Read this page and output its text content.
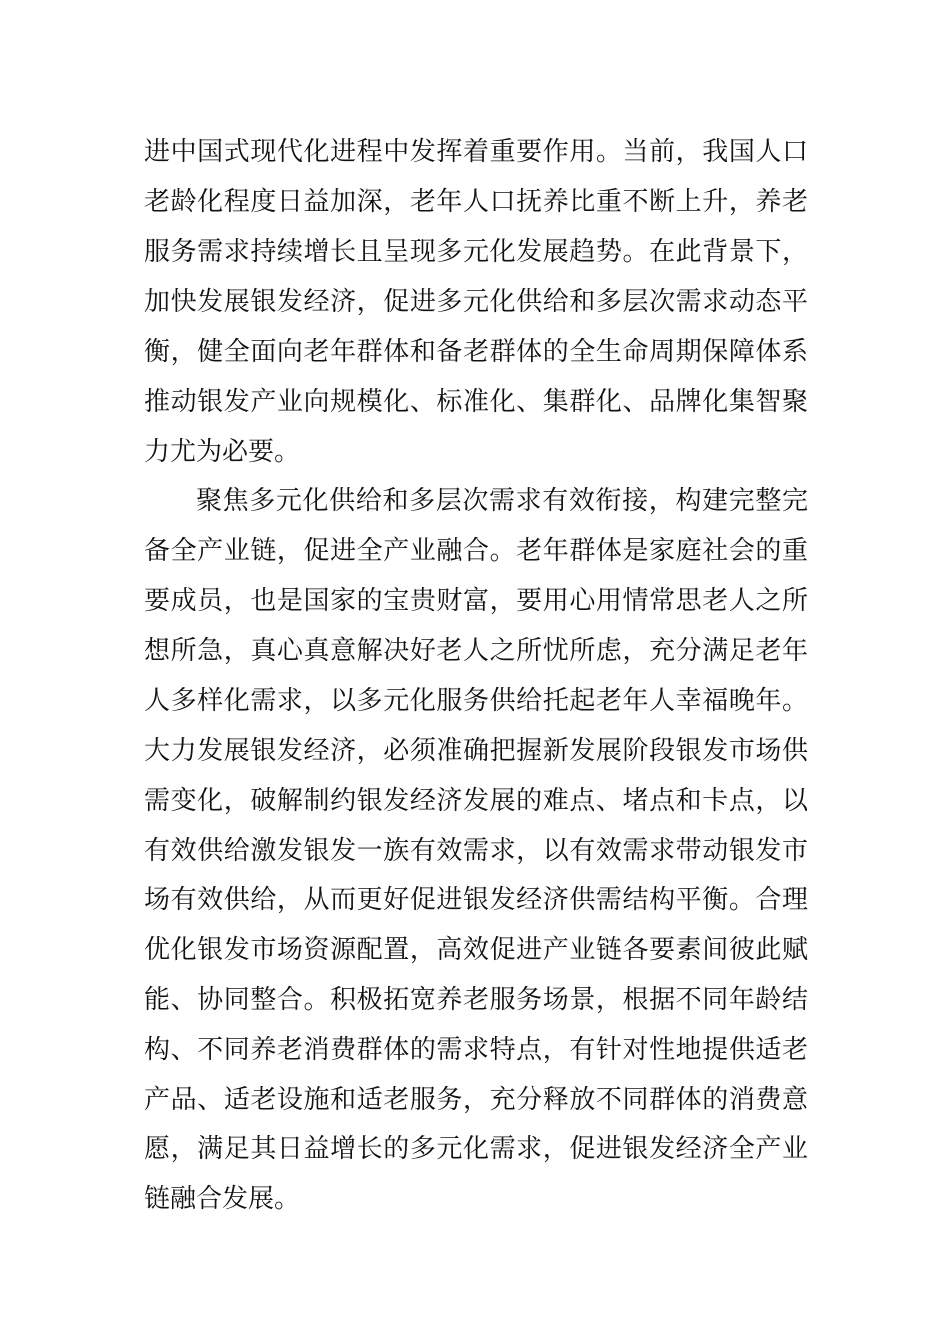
进中国式现代化进程中发挥着重要作用。当前，我国人口
老龄化程度日益加深，老年人口抚养比重不断上升，养老
服务需求持续增长且呈现多元化发展趋势。在此背景下，
加快发展银发经济，促进多元化供给和多层次需求动态平
衡，健全面向老年群体和备老群体的全生命周期保障体系
推动银发产业向规模化、标准化、集群化、品牌化集智聚
力尤为必要。
聚焦多元化供给和多层次需求有效衔接，构建完整完
备全产业链，促进全产业融合。老年群体是家庭社会的重
要成员，也是国家的宝贵财富，要用心用情常思老人之所
想所急，真心真意解决好老人之所忧所虑，充分满足老年
人多样化需求，以多元化服务供给托起老年人幸福晚年。
大力发展银发经济，必须准确把握新发展阶段银发市场供
需变化，破解制约银发经济发展的难点、堵点和卡点，以
有效供给激发银发一族有效需求，以有效需求带动银发市
场有效供给，从而更好促进银发经济供需结构平衡。合理
优化银发市场资源配置，高效促进产业链各要素间彼此赋
能、协同整合。积极拓宽养老服务场景，根据不同年龄结
构、不同养老消费群体的需求特点，有针对性地提供适老
产品、适老设施和适老服务，充分释放不同群体的消费意
愿，满足其日益增长的多元化需求，促进银发经济全产业
链融合发展。
